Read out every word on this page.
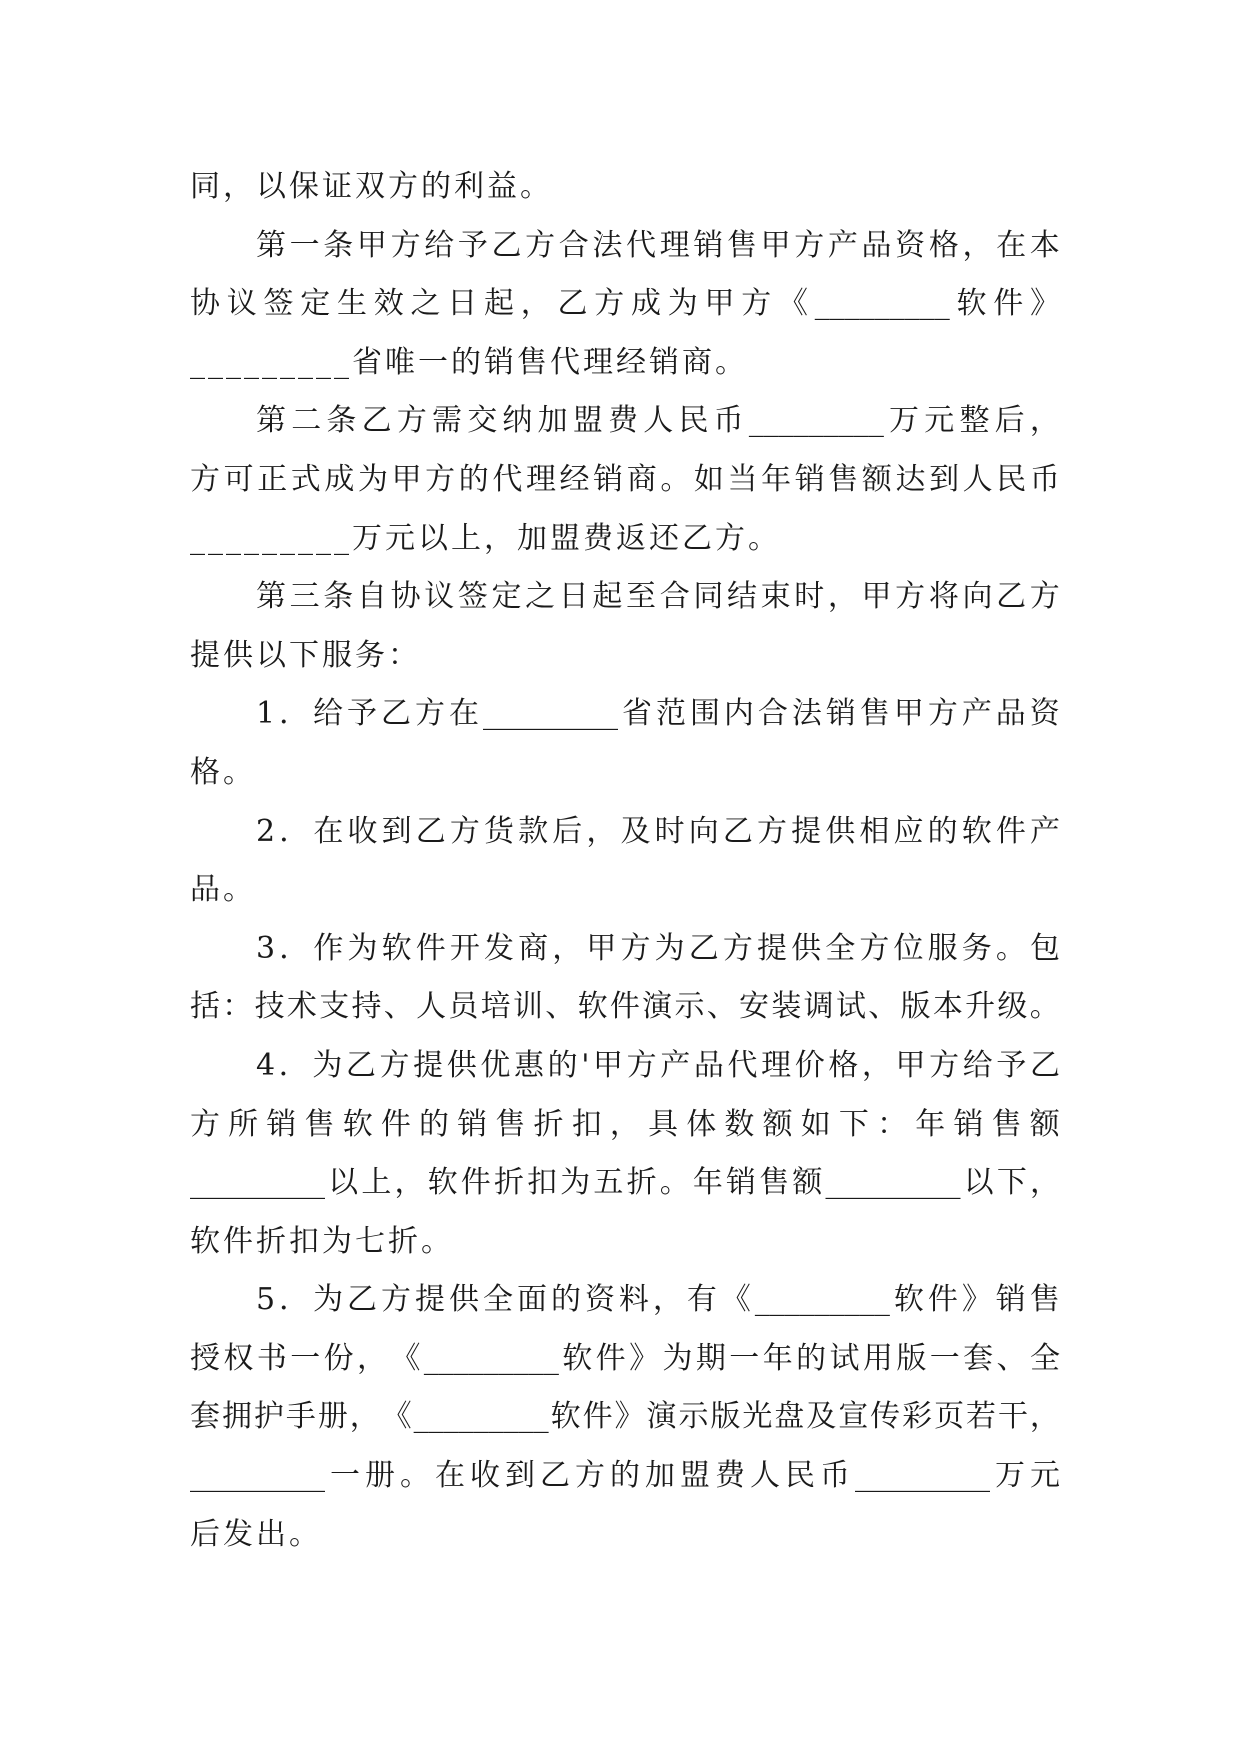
同，以保证双方的利益。
第 一 条 甲 方 给 予 乙 方 合 法 代 理 销 售 甲 方 产 品 资 格 ， 在 本
协 议 签 定 生 效 之 日 起 ， 乙 方 成 为 甲 方 《 _________ 软 件 》
_________省唯一的销售代理经销商。
第 二 条 乙 方 需 交 纳 加 盟 费 人 民 币 _________ 万 元 整 后 ，
方 可 正 式 成 为 甲 方 的 代 理 经 销 商 。 如 当 年 销 售 额 达 到 人 民 币
_________万元以上，加盟费返还乙方。
第 三 条 自 协 议 签 定 之 日 起 至 合 同 结 束 时 ， 甲 方 将 向 乙 方
提供以下服务：
1 ． 给 予 乙 方 在 _________ 省 范 围 内 合 法 销 售 甲 方 产 品 资
格。
2 ． 在 收 到 乙 方 货 款 后 ， 及 时 向 乙 方 提 供 相 应 的 软 件 产
品。
3 ． 作 为 软 件 开 发 商 ， 甲 方 为 乙 方 提 供 全 方 位 服 务 。 包
括 ： 技 术 支 持 、 人 员 培 训 、 软 件 演 示 、 安 装 调 试 、 版 本 升 级 。
4 ． 为 乙 方 提 供 优 惠 的 ' 甲 方 产 品 代 理 价 格 ， 甲 方 给 予 乙
方 所 销 售 软 件 的 销 售 折 扣 ， 具 体 数 额 如 下 ： 年 销 售 额
_________ 以 上 ， 软 件 折 扣 为 五 折 。 年 销 售 额 _________ 以 下 ，
软件折扣为七折。
5 ． 为 乙 方 提 供 全 面 的 资 料 ， 有 《 _________ 软 件 》 销 售
授 权 书 一 份 ， 《 _________ 软 件 》 为 期 一 年 的 试 用 版 一 套 、 全
套 拥 护 手 册 ， 《 _________ 软 件 》 演 示 版 光 盘 及 宣 传 彩 页 若 干 ，
_________ 一 册 。 在 收 到 乙 方 的 加 盟 费 人 民 币 _________ 万 元
后发出。
